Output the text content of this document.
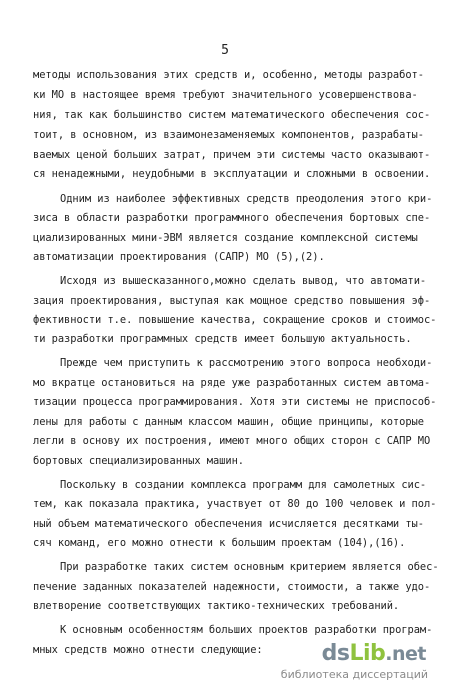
5
методы использования этих средств и, особенно, методы разработ-
ки МО в настоящее время требуют значительного усовершенствова-
ния, так как большинство систем математического обеспечения сос-
тоит, в основном, из взаимонезаменяемых компонентов, разрабаты-
ваемых ценой больших затрат, причем эти системы часто оказывают-
ся ненадежными, неудобными в эксплуатации и сложными в освоении.
Одним из наиболее эффективных средств преодоления этого кри-
зиса в области разработки программного обеспечения бортовых спе-
циализированных мини-ЭВМ является создание комплексной системы
автоматизации проектирования (САПР) МО (5),(2).
Исходя из вышесказанного,можно сделать вывод, что автомати-
зация проектирования, выступая как мощное средство повышения эф-
фективности т.е. повышение качества, сокращение сроков и стоимос-
ти разработки программных средств имеет большую актуальность.
Прежде чем приступить к рассмотрению этого вопроса необходи-
мо вкратце остановиться на ряде уже разработанных систем автома-
тизации процесса программирования. Хотя эти системы не приспособ-
лены для работы с данным классом машин, общие принципы, которые
легли в основу их построения, имеют много общих сторон с САПР МО
бортовых специализированных машин.
Поскольку в создании комплекса программ для самолетных сис-
тем, как показала практика, участвует от 80 до 100 человек и пол-
ный объем математического обеспечения исчисляется десятками ты-
сяч команд, его можно отнести к большим проектам (104),(16).
При разработке таких систем основным критерием является обес-
печение заданных показателей надежности, стоимости, а также удо-
влетворение соответствующих тактико-технических требований.
К основным особенностям больших проектов разработки програм-
мных средств можно отнести следующие:	dsLib.net
библиотека диссертаций
